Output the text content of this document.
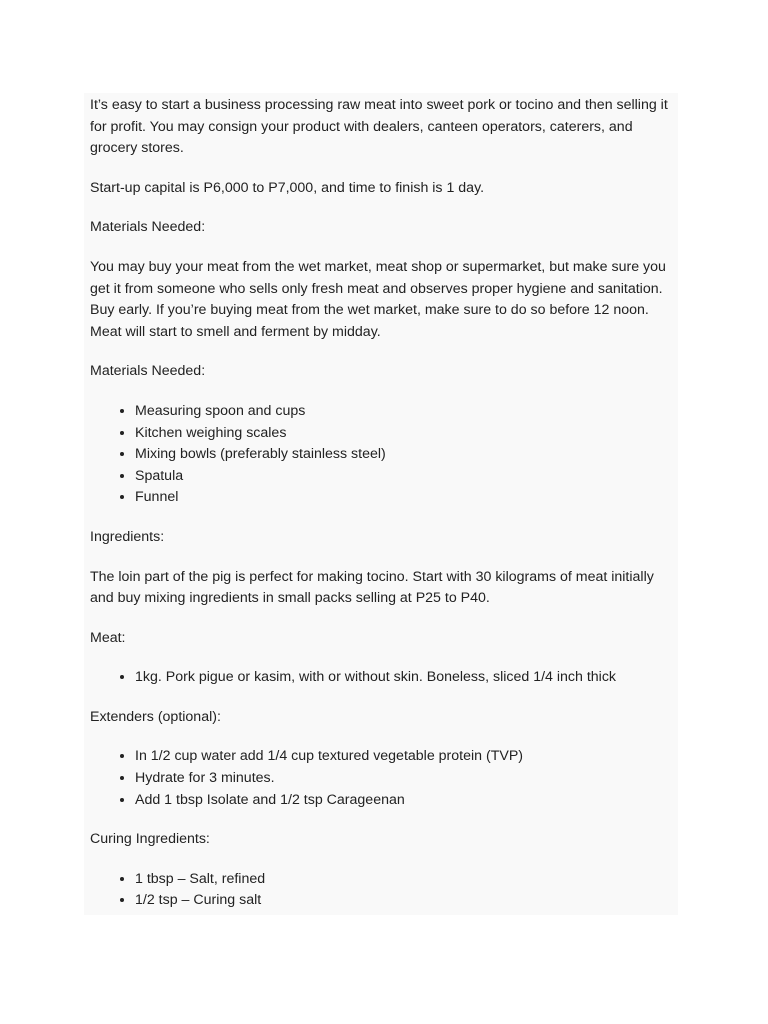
It’s easy to start a business processing raw meat into sweet pork or tocino and then selling it for profit. You may consign your product with dealers, canteen operators, caterers, and grocery stores.

Start-up capital is P6,000 to P7,000, and time to finish is 1 day.

Materials Needed:

You may buy your meat from the wet market, meat shop or supermarket, but make sure you get it from someone who sells only fresh meat and observes proper hygiene and sanitation. Buy early. If you’re buying meat from the wet market, make sure to do so before 12 noon. Meat will start to smell and ferment by midday.

Materials Needed:

• Measuring spoon and cups
• Kitchen weighing scales
• Mixing bowls (preferably stainless steel)
• Spatula
• Funnel

Ingredients:

The loin part of the pig is perfect for making tocino. Start with 30 kilograms of meat initially and buy mixing ingredients in small packs selling at P25 to P40.

Meat:

• 1kg. Pork pigue or kasim, with or without skin. Boneless, sliced 1/4 inch thick

Extenders (optional):

• In 1/2 cup water add 1/4 cup textured vegetable protein (TVP)
• Hydrate for 3 minutes.
• Add 1 tbsp Isolate and 1/2 tsp Carageenan

Curing Ingredients:

• 1 tbsp – Salt, refined
• 1/2 tsp – Curing salt
